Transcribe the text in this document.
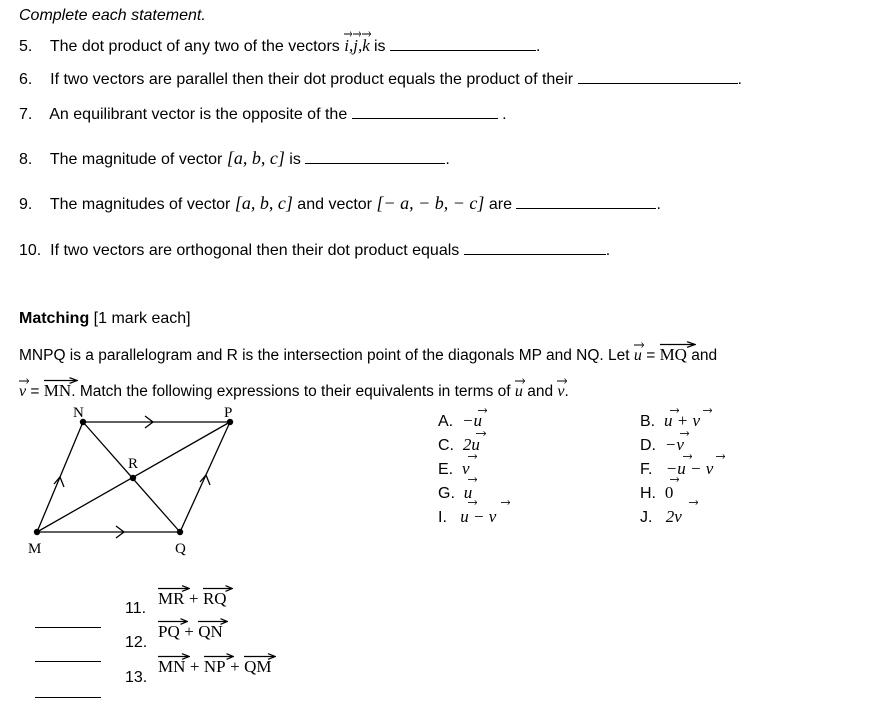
Complete each statement.
5. The dot product of any two of the vectors i
,j
,k is	.
6. If two vectors are parallel then their dot product equals the product of their	.
7. An equilibrant vector is the opposite of the	.
8. The magnitude of vector [a, b, c] is	.
9. The magnitudes of vector [a, b, c] and vector [− a, − b, − c] are	.
10. If two vectors are orthogonal then their dot product equals	.
Matching [1 mark each]
MNPQ is a parallelogram and R is the intersection point of the diagonals MP and NQ. Let u = MQ and
v = MN
. Match the following expressions to their equivalents in terms of u and v
.
N	P
R
M	Q
A. −u
C. 2u
E. v
G. u
I. u − v
B. u + v
D. −v
F. −u − v
H. 0
J. 2v
11.
MR + RQ
12.
PQ + QN
13.
MN + NP + QM
